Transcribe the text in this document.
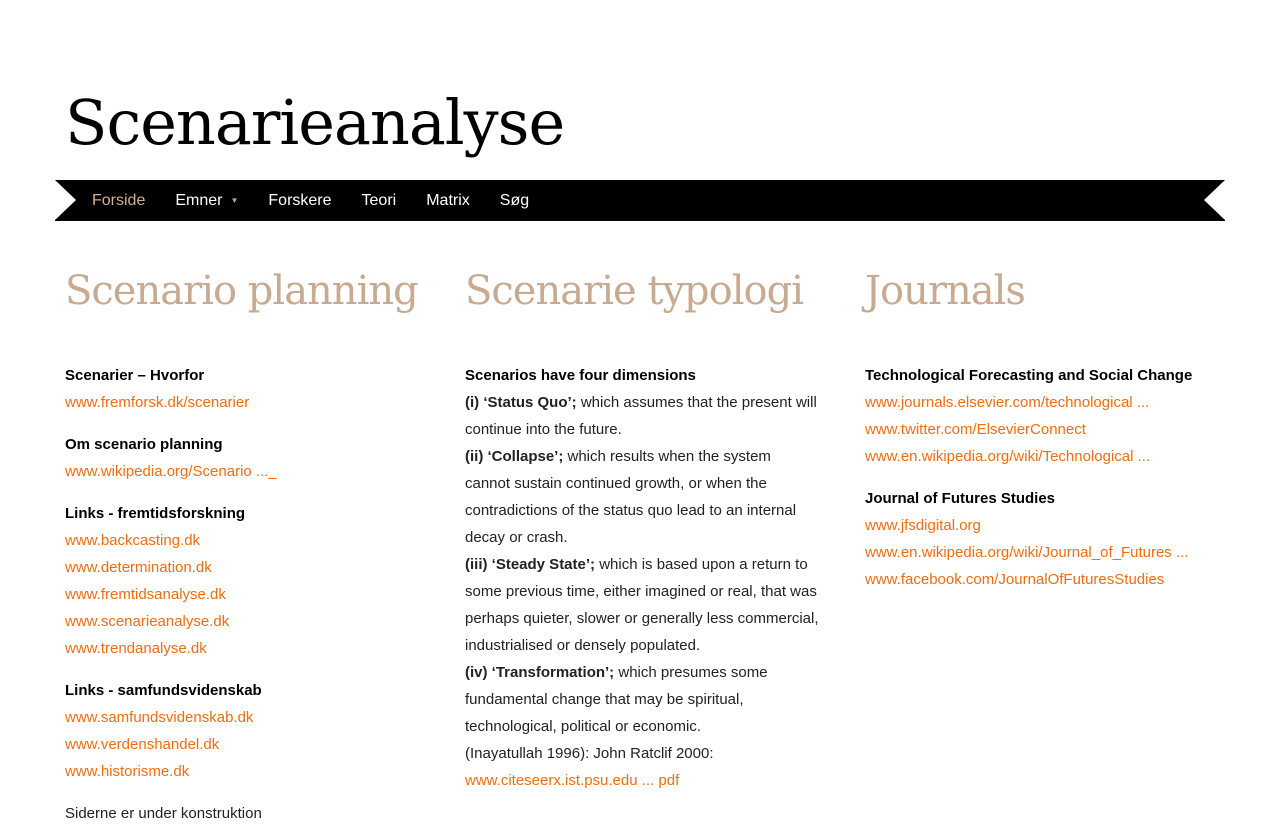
Scenarieanalyse
Forside Emner ▼ Forskere Teori Matrix Søg
Scenario planning
Scenarier – Hvorfor
www.fremforsk.dk/scenarier
Om scenario planning
www.wikipedia.org/Scenario ..._
Links - fremtidsforskning
www.backcasting.dk
www.determination.dk
www.fremtidsanalyse.dk
www.scenarieanalyse.dk
www.trendanalyse.dk
Links - samfundsvidenskab
www.samfundsvidenskab.dk
www.verdenshandel.dk
www.historisme.dk
Siderne er under konstruktion
Scenarie typologi
Scenarios have four dimensions
(i) ‘Status Quo’; which assumes that the present will continue into the future.
(ii) ‘Collapse’; which results when the system cannot sustain continued growth, or when the contradictions of the status quo lead to an internal decay or crash.
(iii) ‘Steady State’; which is based upon a return to some previous time, either imagined or real, that was perhaps quieter, slower or generally less commercial, industrialised or densely populated.
(iv) ‘Transformation’; which presumes some fundamental change that may be spiritual, technological, political or economic.
(Inayatullah 1996): John Ratclif 2000:
www.citeseerx.ist.psu.edu ... pdf
Journals
Technological Forecasting and Social Change
www.journals.elsevier.com/technological ...
www.twitter.com/ElsevierConnect
www.en.wikipedia.org/wiki/Technological ...
Journal of Futures Studies
www.jfsdigital.org
www.en.wikipedia.org/wiki/Journal_of_Futures ...
www.facebook.com/JournalOfFuturesStudies
